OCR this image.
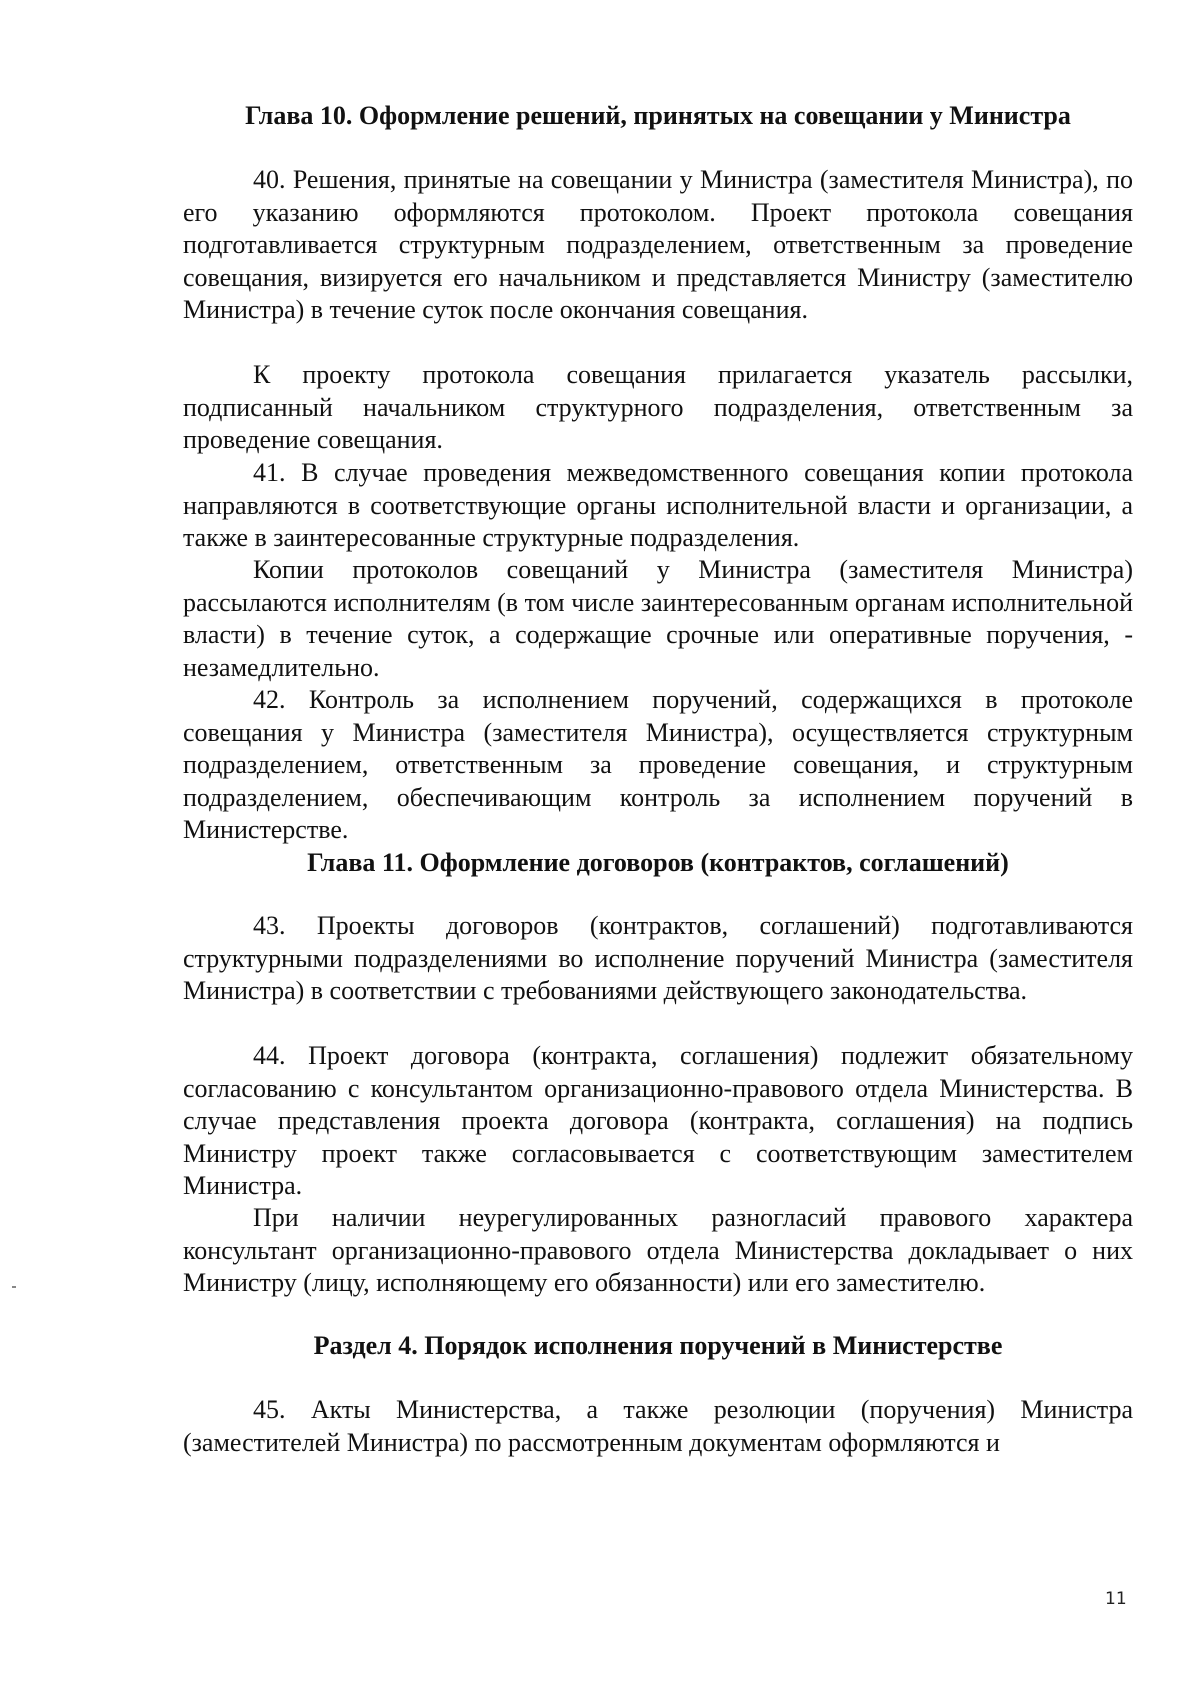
Глава 10. Оформление решений, принятых на совещании у Министра

40. Решения, принятые на совещании у Министра (заместителя Министра), по его указанию оформляются протоколом. Проект протокола совещания подготавливается структурным подразделением, ответственным за проведение совещания, визируется его начальником и представляется Министру (заместителю Министра) в течение суток после окончания совещания.

К проекту протокола совещания прилагается указатель рассылки, подписанный начальником структурного подразделения, ответственным за проведение совещания.

41. В случае проведения межведомственного совещания копии протокола направляются в соответствующие органы исполнительной власти и организации, а также в заинтересованные структурные подразделения.

Копии протоколов совещаний у Министра (заместителя Министра) рассылаются исполнителям (в том числе заинтересованным органам исполнительной власти) в течение суток, а содержащие срочные или оперативные поручения, - незамедлительно.

42. Контроль за исполнением поручений, содержащихся в протоколе совещания у Министра (заместителя Министра), осуществляется структурным подразделением, ответственным за проведение совещания, и структурным подразделением, обеспечивающим контроль за исполнением поручений в Министерстве.

Глава 11. Оформление договоров (контрактов, соглашений)

43. Проекты договоров (контрактов, соглашений) подготавливаются структурными подразделениями во исполнение поручений Министра (заместителя Министра) в соответствии с требованиями действующего законодательства.

44. Проект договора (контракта, соглашения) подлежит обязательному согласованию с консультантом организационно-правового отдела Министерства. В случае представления проекта договора (контракта, соглашения) на подпись Министру проект также согласовывается с соответствующим заместителем Министра.

При наличии неурегулированных разногласий правового характера консультант организационно-правового отдела Министерства докладывает о них Министру (лицу, исполняющему его обязанности) или его заместителю.

Раздел 4. Порядок исполнения поручений в Министерстве

45. Акты Министерства, а также резолюции (поручения) Министра (заместителей Министра) по рассмотренным документам оформляются и

11
